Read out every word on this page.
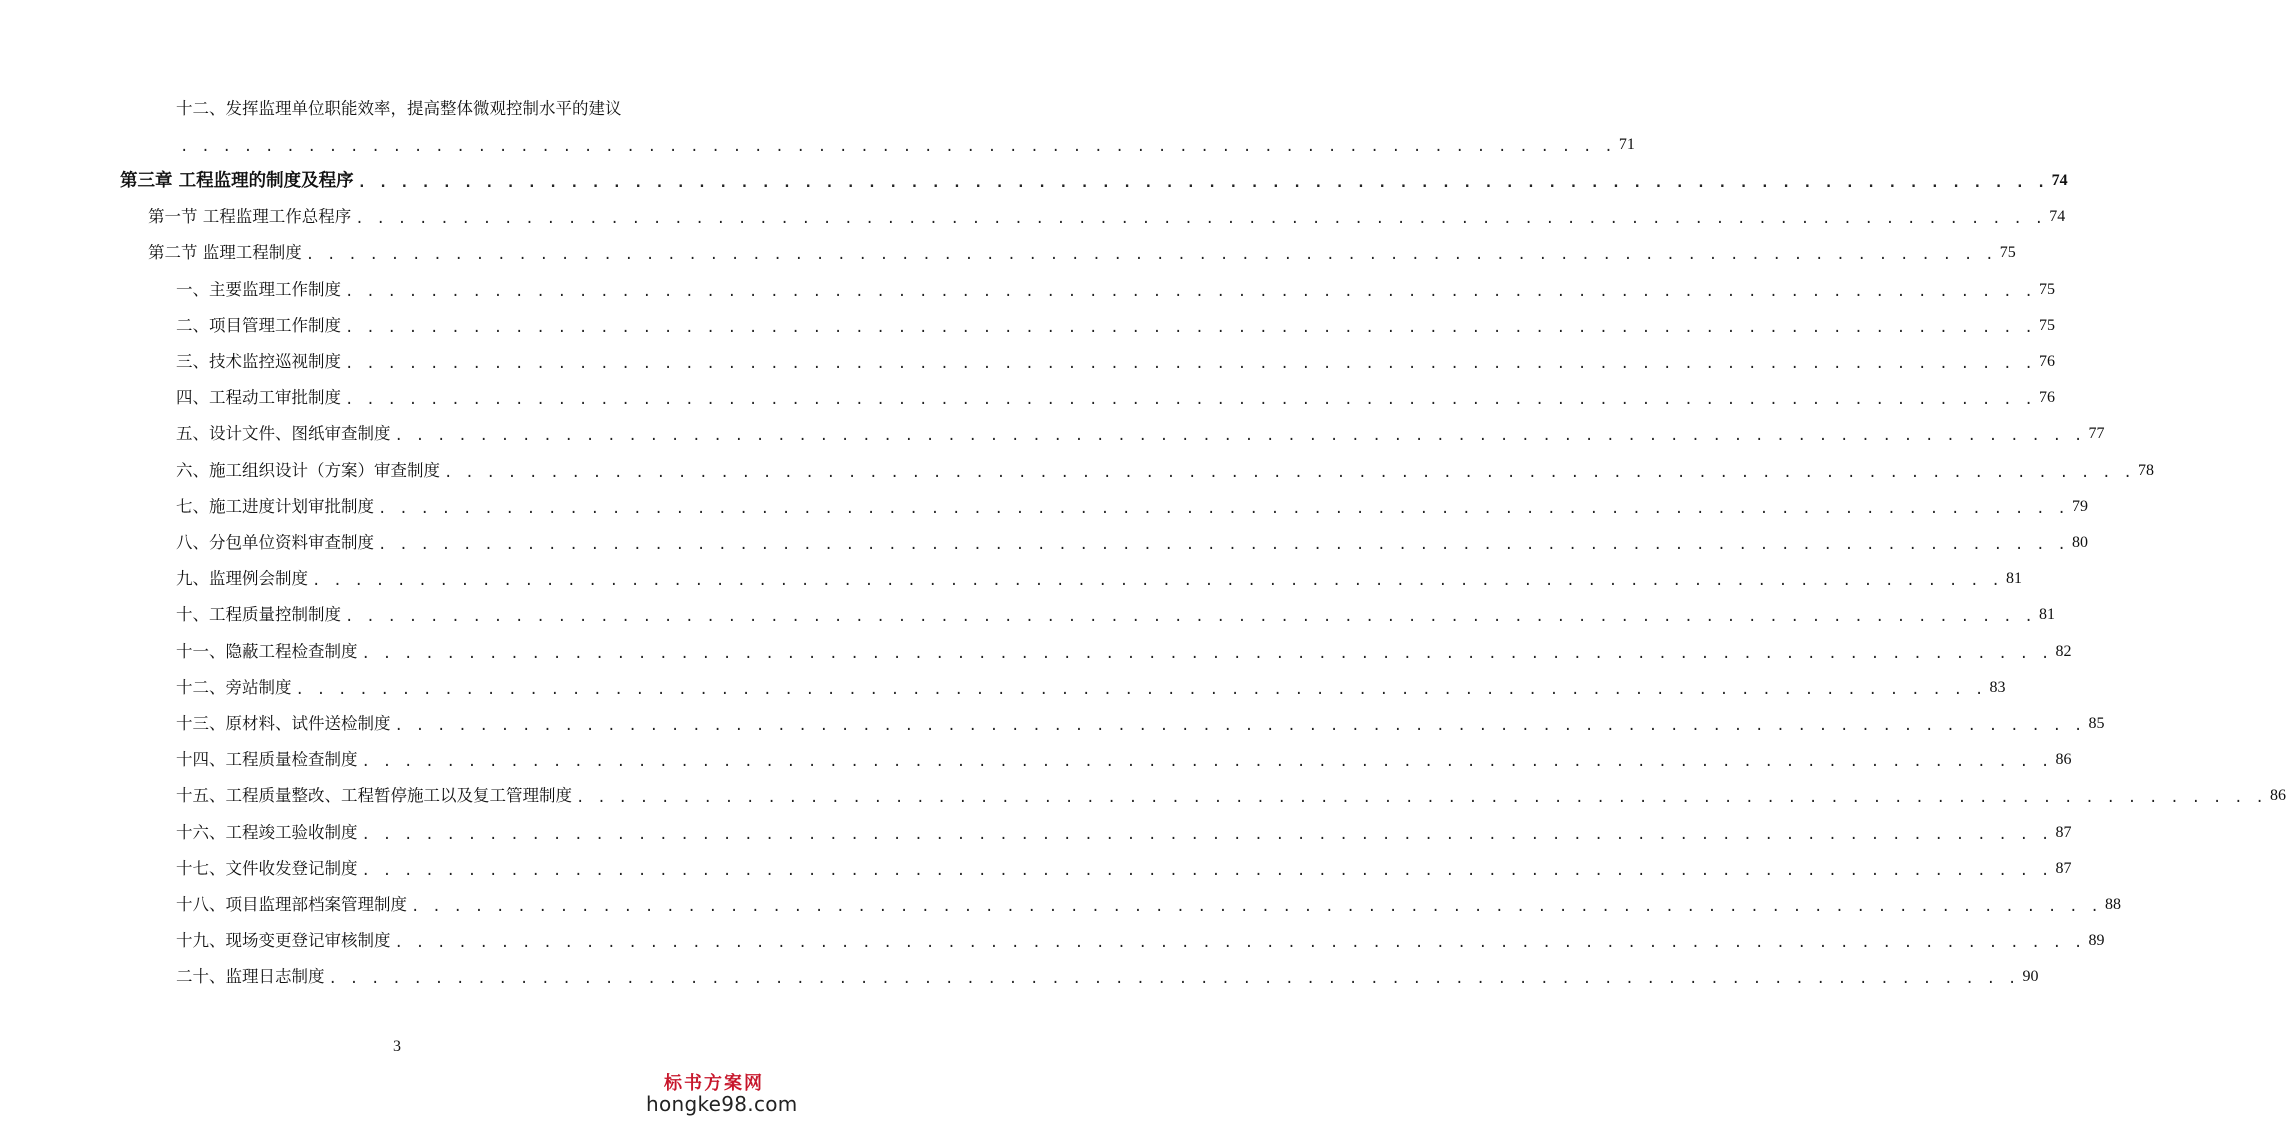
十二、发挥监理单位职能效率，提高整体微观控制水平的建议
. . . . . . . . . . . . . . . . . . . . . . . . . . . . . . . . . . . . . . . . . . . . . . . . . . . . . . . . . . . . . . . . . . . . 71
第三章 工程监理的制度及程序 . . . . . . . . . . . . . . . . . . . . . . . . . . . . . . . . . . . . . . . . . . . . . . . . . . . . . . . . . . . . . . . . . . . . . . . . . . . . . . . . 74
第一节 工程监理工作总程序 . . . . . . . . . . . . . . . . . . . . . . . . . . . . . . . . . . . . . . . . . . . . . . . . . . . . . . . . . . . . . . . . . . . . . . . . . . . . . . . . 74
第二节 监理工程制度 . . . . . . . . . . . . . . . . . . . . . . . . . . . . . . . . . . . . . . . . . . . . . . . . . . . . . . . . . . . . . . . . . . . . . . . . . . . . . . . . 75
一、主要监理工作制度 . . . . . . . . . . . . . . . . . . . . . . . . . . . . . . . . . . . . . . . . . . . . . . . . . . . . . . . . . . . . . . . . . . . . . . . . . . . . . . . . 75
二、项目管理工作制度 . . . . . . . . . . . . . . . . . . . . . . . . . . . . . . . . . . . . . . . . . . . . . . . . . . . . . . . . . . . . . . . . . . . . . . . . . . . . . . . . 75
三、技术监控巡视制度 . . . . . . . . . . . . . . . . . . . . . . . . . . . . . . . . . . . . . . . . . . . . . . . . . . . . . . . . . . . . . . . . . . . . . . . . . . . . . . . . 76
四、工程动工审批制度 . . . . . . . . . . . . . . . . . . . . . . . . . . . . . . . . . . . . . . . . . . . . . . . . . . . . . . . . . . . . . . . . . . . . . . . . . . . . . . . . 76
五、设计文件、图纸审查制度 . . . . . . . . . . . . . . . . . . . . . . . . . . . . . . . . . . . . . . . . . . . . . . . . . . . . . . . . . . . . . . . . . . . . . . . . . . . . . . . . 77
六、施工组织设计（方案）审查制度 . . . . . . . . . . . . . . . . . . . . . . . . . . . . . . . . . . . . . . . . . . . . . . . . . . . . . . . . . . . . . . . . . . . . . . . . . . . . . . . . 78
七、施工进度计划审批制度 . . . . . . . . . . . . . . . . . . . . . . . . . . . . . . . . . . . . . . . . . . . . . . . . . . . . . . . . . . . . . . . . . . . . . . . . . . . . . . . . 79
八、分包单位资料审查制度 . . . . . . . . . . . . . . . . . . . . . . . . . . . . . . . . . . . . . . . . . . . . . . . . . . . . . . . . . . . . . . . . . . . . . . . . . . . . . . . . 80
九、监理例会制度 . . . . . . . . . . . . . . . . . . . . . . . . . . . . . . . . . . . . . . . . . . . . . . . . . . . . . . . . . . . . . . . . . . . . . . . . . . . . . . . . 81
十、工程质量控制制度 . . . . . . . . . . . . . . . . . . . . . . . . . . . . . . . . . . . . . . . . . . . . . . . . . . . . . . . . . . . . . . . . . . . . . . . . . . . . . . . . 81
十一、隐蔽工程检查制度 . . . . . . . . . . . . . . . . . . . . . . . . . . . . . . . . . . . . . . . . . . . . . . . . . . . . . . . . . . . . . . . . . . . . . . . . . . . . . . . . 82
十二、旁站制度 . . . . . . . . . . . . . . . . . . . . . . . . . . . . . . . . . . . . . . . . . . . . . . . . . . . . . . . . . . . . . . . . . . . . . . . . . . . . . . . . 83
十三、原材料、试件送检制度 . . . . . . . . . . . . . . . . . . . . . . . . . . . . . . . . . . . . . . . . . . . . . . . . . . . . . . . . . . . . . . . . . . . . . . . . . . . . . . . . 85
十四、工程质量检查制度 . . . . . . . . . . . . . . . . . . . . . . . . . . . . . . . . . . . . . . . . . . . . . . . . . . . . . . . . . . . . . . . . . . . . . . . . . . . . . . . . 86
十五、工程质量整改、工程暂停施工以及复工管理制度 . . . . . . . . . . . . . . . . . . . . . . . . . . . . . . . . . . . . . . . . . . . . . . . . . . . . . . . . . . . . . . . . . . . . . . . . . . . . . . . . 86
十六、工程竣工验收制度 . . . . . . . . . . . . . . . . . . . . . . . . . . . . . . . . . . . . . . . . . . . . . . . . . . . . . . . . . . . . . . . . . . . . . . . . . . . . . . . . 87
十七、文件收发登记制度 . . . . . . . . . . . . . . . . . . . . . . . . . . . . . . . . . . . . . . . . . . . . . . . . . . . . . . . . . . . . . . . . . . . . . . . . . . . . . . . . 87
十八、项目监理部档案管理制度 . . . . . . . . . . . . . . . . . . . . . . . . . . . . . . . . . . . . . . . . . . . . . . . . . . . . . . . . . . . . . . . . . . . . . . . . . . . . . . . . 88
十九、现场变更登记审核制度 . . . . . . . . . . . . . . . . . . . . . . . . . . . . . . . . . . . . . . . . . . . . . . . . . . . . . . . . . . . . . . . . . . . . . . . . . . . . . . . . 89
二十、监理日志制度 . . . . . . . . . . . . . . . . . . . . . . . . . . . . . . . . . . . . . . . . . . . . . . . . . . . . . . . . . . . . . . . . . . . . . . . . . . . . . . . . 90
3
标书方案网
hongke98.com
